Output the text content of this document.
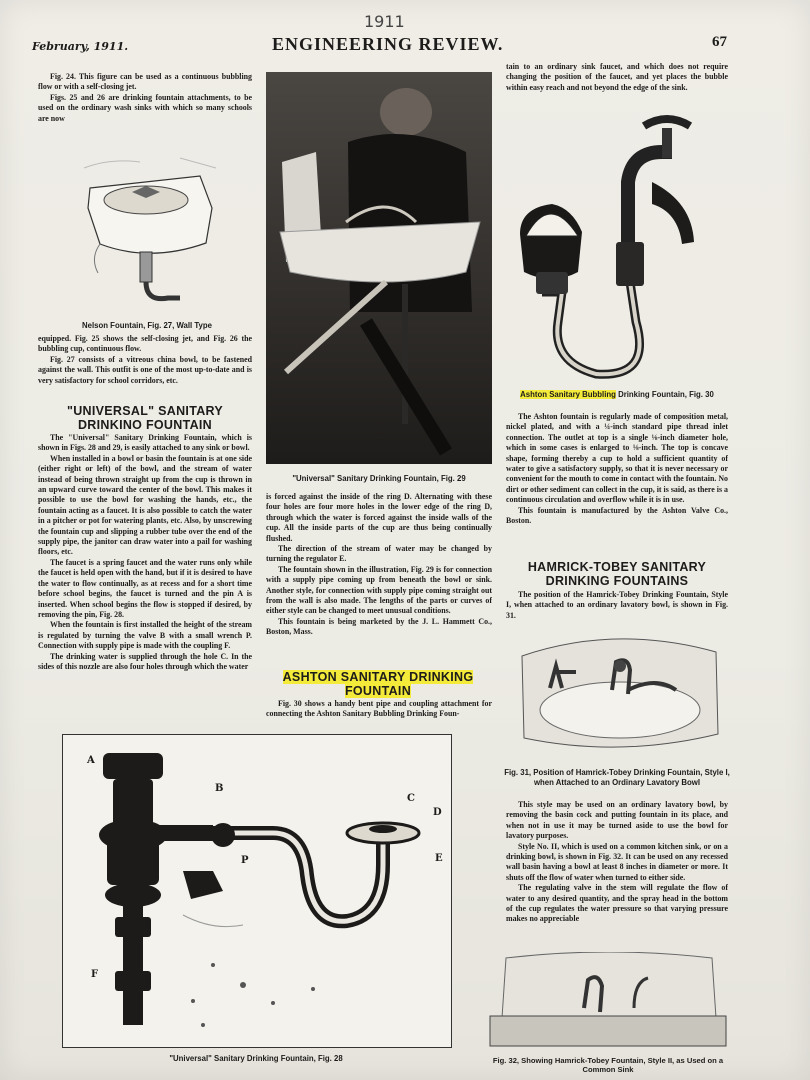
1911
February, 1911.	ENGINEERING REVIEW.	67

Fig. 24. This figure can be used as a continuous bubbling flow or with a self-closing jet.

Figs. 25 and 26 are drinking fountain attachments, to be used on the ordinary wash sinks with which so many schools are now

Nelson Fountain, Fig. 27, Wall Type

equipped. Fig. 25 shows the self-closing jet, and Fig. 26 the bubbling cup, continuous flow.

Fig. 27 consists of a vitreous china bowl, to be fastened against the wall. This outfit is one of the most up-to-date and is very satisfactory for school corridors, etc.

"UNIVERSAL" SANITARY DRINKINO FOUNTAIN

The "Universal" Sanitary Drinking Fountain, which is shown in Figs. 28 and 29, is easily attached to any sink or bowl.

When installed in a bowl or basin the fountain is at one side (either right or left) of the bowl, and the stream of water instead of being thrown straight up from the cup is thrown in an upward curve toward the center of the bowl. This makes it possible to use the bowl for washing the hands, etc., the fountain acting as a faucet. It is also possible to catch the water in a pitcher or pot for watering plants, etc. Also, by unscrewing the fountain cup and slipping a rubber tube over the end of the supply pipe, the janitor can draw water into a pail for washing floors, etc.

The faucet is a spring faucet and the water runs only while the faucet is held open with the hand, but if it is desired to have the water to flow continually, as at recess and for a short time before school begins, the faucet is turned and the pin A is inserted. When school begins the flow is stopped if desired, by removing the pin, Fig. 28.

When the fountain is first installed the height of the stream is regulated by turning the valve B with a small wrench P. Connection with supply pipe is made with the coupling F.

The drinking water is supplied through the hole C. In the sides of this nozzle are also four holes through which the water

"Universal" Sanitary Drinking Fountain, Fig. 29

is forced against the inside of the ring D. Alternating with these four holes are four more holes in the lower edge of the ring D, through which the water is forced against the inside walls of the cup. All the inside parts of the cup are thus being continually flushed.

The direction of the stream of water may be changed by turning the regulator E.

The fountain shown in the illustration, Fig. 29 is for connection with a supply pipe coming up from beneath the bowl or sink. Another style, for connection with supply pipe coming straight out from the wall is also made. The lengths of the parts or curves of either style can be changed to meet unusual conditions.

This fountain is being marketed by the J. L. Hammett Co., Boston, Mass.

ASHTON SANITARY DRINKING FOUNTAIN

Fig. 30 shows a handy bent pipe and coupling attachment for connecting the Ashton Sanitary Bubbling Drinking Foun-

tain to an ordinary sink faucet, and which does not require changing the position of the faucet, and yet places the bubble within easy reach and not beyond the edge of the sink.

Ashton Sanitary Bubbling Drinking Fountain, Fig. 30

The Ashton fountain is regularly made of composition metal, nickel plated, and with a ¼-inch standard pipe thread inlet connection. The outlet at top is a single ⅛-inch diameter hole, which in some cases is enlarged to ⅛-inch. The top is concave shape, forming thereby a cup to hold a sufficient quantity of water to give a satisfactory supply, so that it is never necessary or convenient for the mouth to come in contact with the fountain. No dirt or other sediment can collect in the cup, it is said, as there is a continuous circulation and overflow while it is in use.

This fountain is manufactured by the Ashton Valve Co., Boston.

HAMRICK-TOBEY SANITARY DRINKING FOUNTAINS

The position of the Hamrick-Tobey Drinking Fountain, Style I, when attached to an ordinary lavatory bowl, is shown in Fig. 31.

Fig. 31, Position of Hamrick-Tobey Drinking Fountain, Style I, when Attached to an Ordinary Lavatory Bowl

This style may be used on an ordinary lavatory bowl, by removing the basin cock and putting fountain in its place, and when not in use it may be turned aside to use the bowl for lavatory purposes.

Style No. II, which is used on a common kitchen sink, or on a drinking bowl, is shown in Fig. 32. It can be used on any recessed wall basin having a bowl at least 8 inches in diameter or more. It shuts off the flow of water when turned to either side.

The regulating valve in the stem will regulate the flow of water to any desired quantity, and the spray head in the bottom of the cup regulates the water pressure so that varying pressure makes no appreciable

Fig. 32, Showing Hamrick-Tobey Fountain, Style II, as Used on a Common Sink
A
B
C
D
E
P
F
"Universal" Sanitary Drinking Fountain, Fig. 28
